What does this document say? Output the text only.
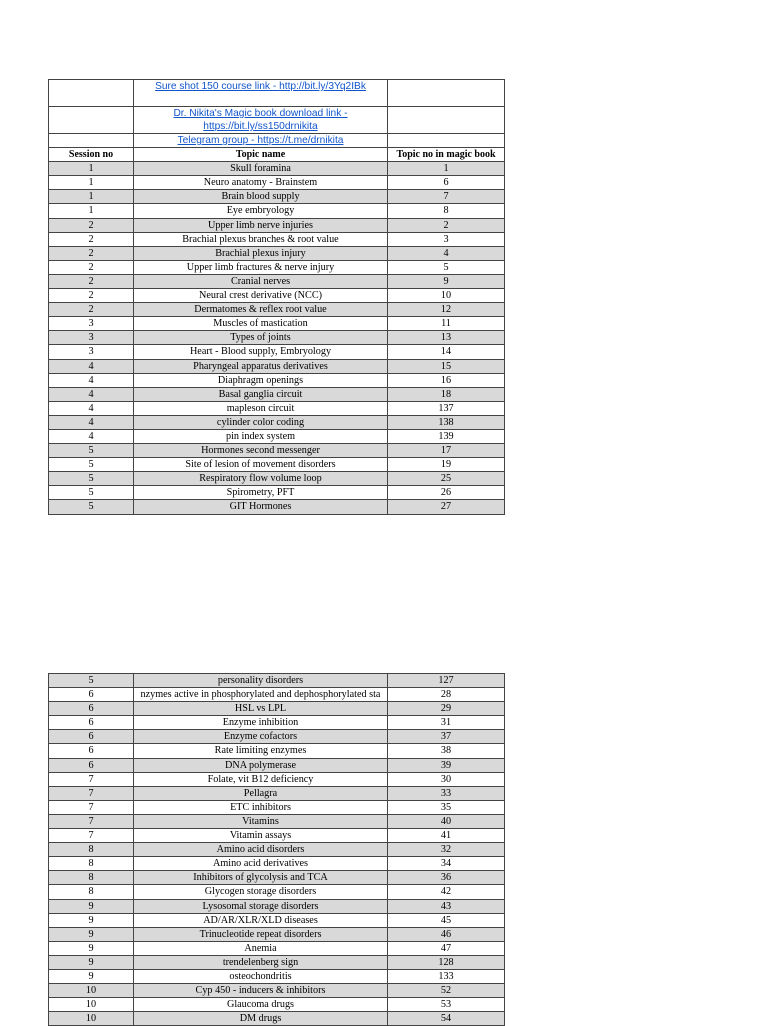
	Sure shot 150 course link - http://bit.ly/3Yq2IBk	
	Dr. Nikita's Magic book download link - https://bit.ly/ss150drnikita	
	Telegram group - https://t.me/drnikita	
Session no	Topic name	Topic no in magic book
1	Skull foramina	1
1	Neuro anatomy - Brainstem	6
1	Brain blood supply	7
1	Eye embryology	8
2	Upper limb nerve injuries	2
2	Brachial plexus branches & root value	3
2	Brachial plexus injury	4
2	Upper limb fractures & nerve injury	5
2	Cranial nerves	9
2	Neural crest derivative (NCC)	10
2	Dermatomes & reflex root value	12
3	Muscles of mastication	11
3	Types of joints	13
3	Heart - Blood supply, Embryology	14
4	Pharyngeal apparatus derivatives	15
4	Diaphragm openings	16
4	Basal ganglia circuit	18
4	mapleson circuit	137
4	cylinder color coding	138
4	pin index system	139
5	Hormones second messenger	17
5	Site of lesion of movement disorders	19
5	Respiratory flow volume loop	25
5	Spirometry, PFT	26
5	GIT Hormones	27
5	personality disorders	127
6	nzymes active in phosphorylated and dephosphorylated sta	28
6	HSL vs LPL	29
6	Enzyme inhibition	31
6	Enzyme cofactors	37
6	Rate limiting enzymes	38
6	DNA polymerase	39
7	Folate, vit B12 deficiency	30
7	Pellagra	33
7	ETC inhibitors	35
7	Vitamins	40
7	Vitamin assays	41
8	Amino acid disorders	32
8	Amino acid derivatives	34
8	Inhibitors of glycolysis and TCA	36
8	Glycogen storage disorders	42
9	Lysosomal storage disorders	43
9	AD/AR/XLR/XLD diseases	45
9	Trinucleotide repeat disorders	46
9	Anemia	47
9	trendelenberg sign	128
9	osteochondritis	133
10	Cyp 450 - inducers & inhibitors	52
10	Glaucoma drugs	53
10	DM drugs	54
